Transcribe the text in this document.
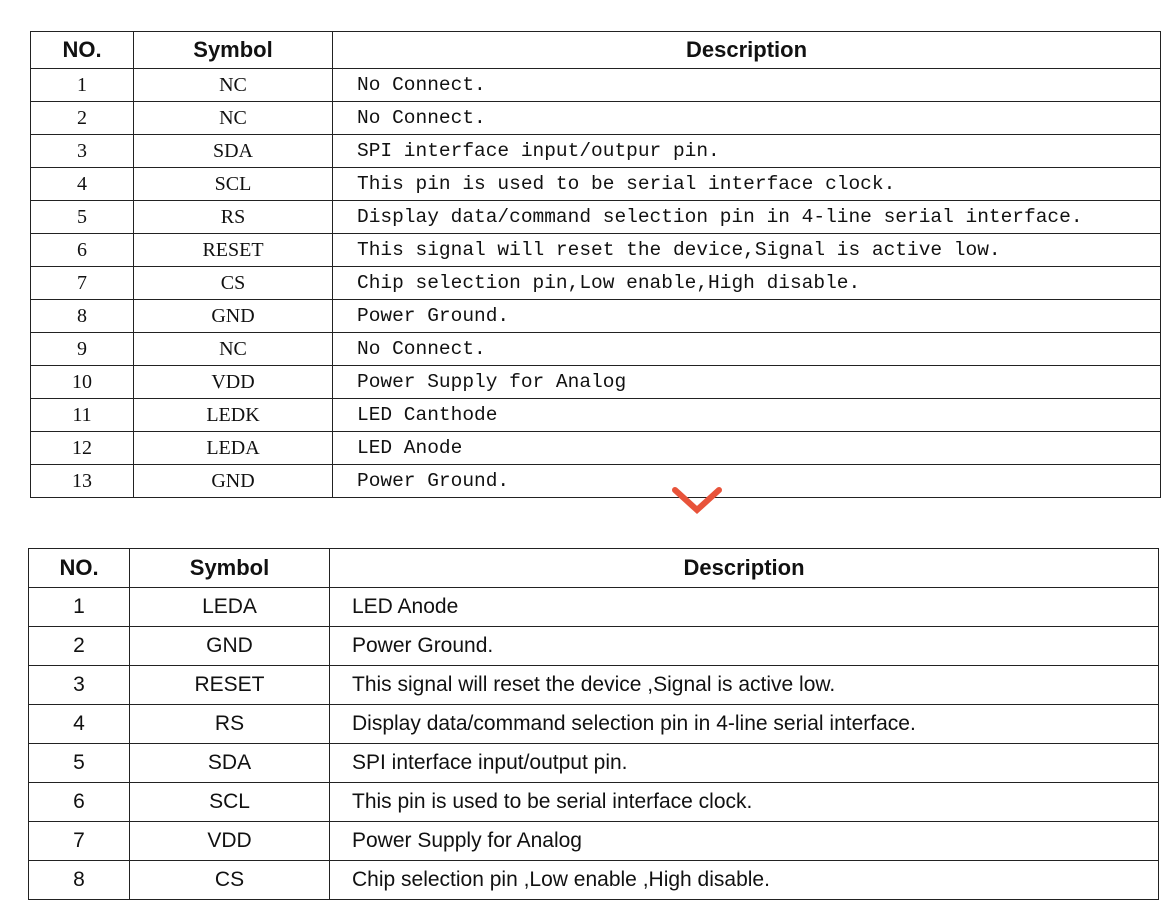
NO.	Symbol	Description
1	NC	No Connect.
2	NC	No Connect.
3	SDA	SPI interface input/outpur pin.
4	SCL	This pin is used to be serial interface clock.
5	RS	Display data/command selection pin in 4-line serial interface.
6	RESET	This signal will reset the device,Signal is active low.
7	CS	Chip selection pin,Low enable,High disable.
8	GND	Power Ground.
9	NC	No Connect.
10	VDD	Power Supply for Analog
11	LEDK	LED Canthode
12	LEDA	LED Anode
13	GND	Power Ground.
NO.	Symbol	Description
1	LEDA	LED Anode
2	GND	Power Ground.
3	RESET	This signal will reset the device ,Signal is active low.
4	RS	Display data/command selection pin in 4-line serial interface.
5	SDA	SPI interface input/output pin.
6	SCL	This pin is used to be serial interface clock.
7	VDD	Power Supply for Analog
8	CS	Chip selection pin ,Low enable ,High disable.
